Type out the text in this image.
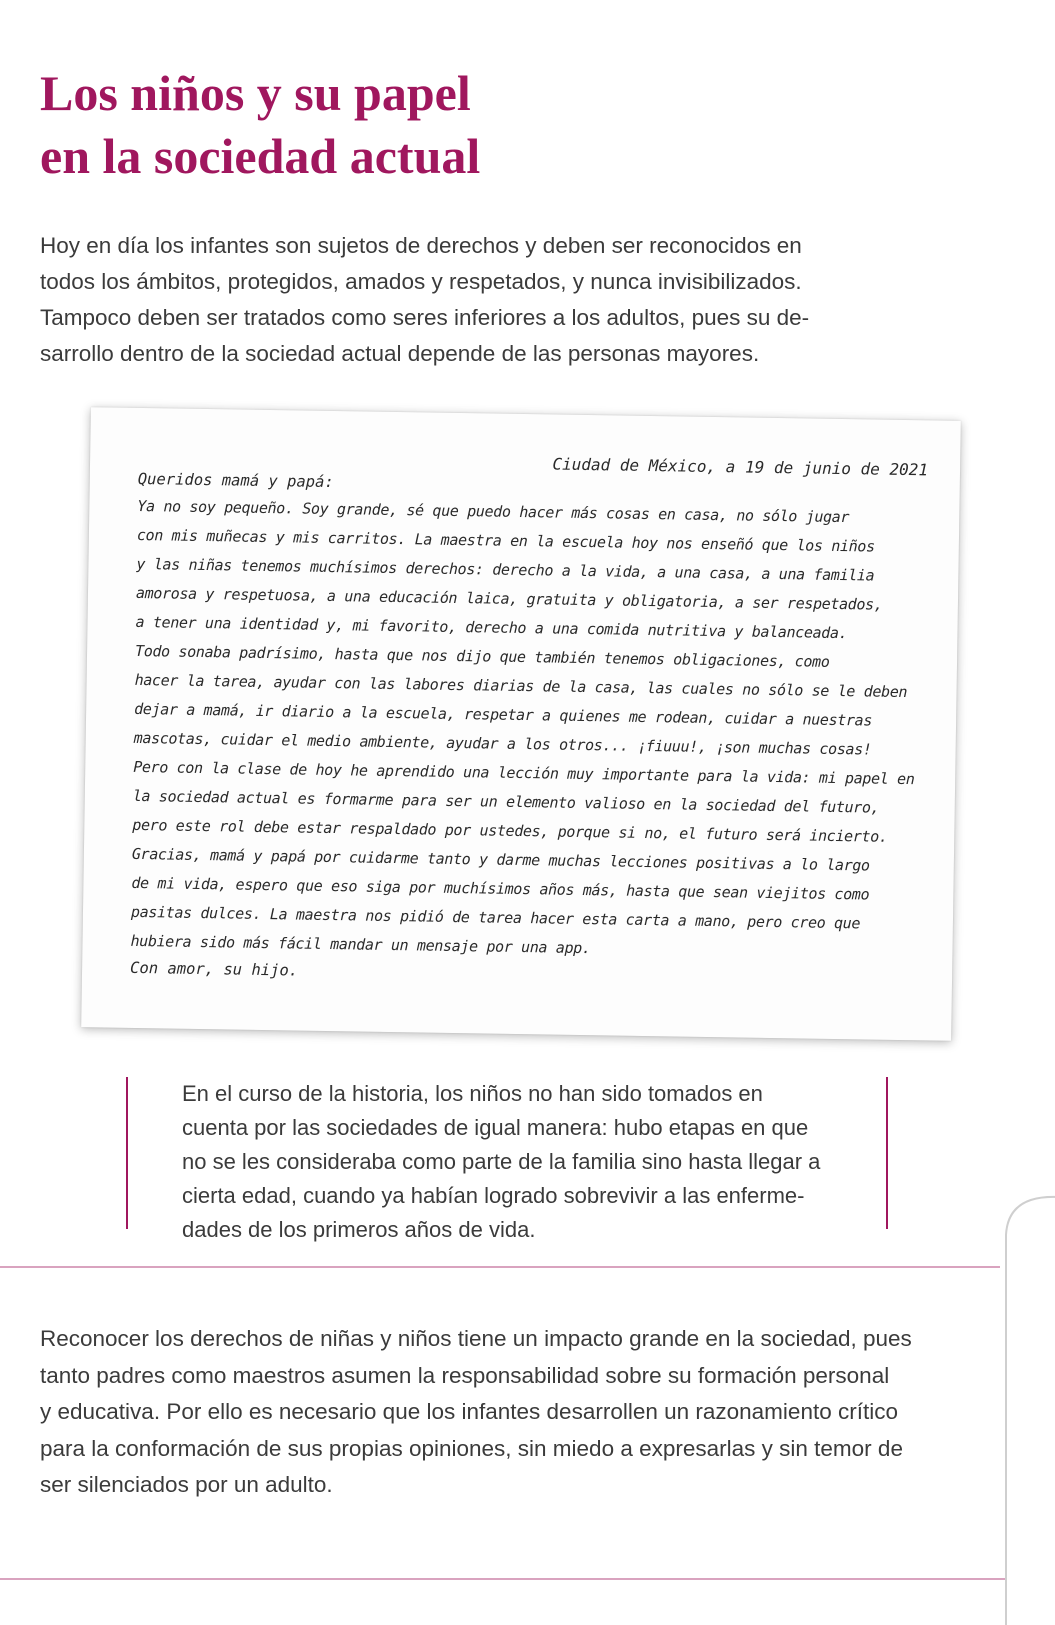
Los niños y su papel
en la sociedad actual

Hoy en día los infantes son sujetos de derechos y deben ser reconocidos en
todos los ámbitos, protegidos, amados y respetados, y nunca invisibilizados.
Tampoco deben ser tratados como seres inferiores a los adultos, pues su de-
sarrollo dentro de la sociedad actual depende de las personas mayores.

Ciudad de México, a 19 de junio de 2021
Queridos mamá y papá:
Ya no soy pequeño. Soy grande, sé que puedo hacer más cosas en casa, no sólo jugar
con mis muñecas y mis carritos. La maestra en la escuela hoy nos enseñó que los niños
y las niñas tenemos muchísimos derechos: derecho a la vida, a una casa, a una familia
amorosa y respetuosa, a una educación laica, gratuita y obligatoria, a ser respetados,
a tener una identidad y, mi favorito, derecho a una comida nutritiva y balanceada.
Todo sonaba padrísimo, hasta que nos dijo que también tenemos obligaciones, como
hacer la tarea, ayudar con las labores diarias de la casa, las cuales no sólo se le deben
dejar a mamá, ir diario a la escuela, respetar a quienes me rodean, cuidar a nuestras
mascotas, cuidar el medio ambiente, ayudar a los otros... ¡fiuuu!, ¡son muchas cosas!
Pero con la clase de hoy he aprendido una lección muy importante para la vida: mi papel en
la sociedad actual es formarme para ser un elemento valioso en la sociedad del futuro,
pero este rol debe estar respaldado por ustedes, porque si no, el futuro será incierto.
Gracias, mamá y papá por cuidarme tanto y darme muchas lecciones positivas a lo largo
de mi vida, espero que eso siga por muchísimos años más, hasta que sean viejitos como
pasitas dulces. La maestra nos pidió de tarea hacer esta carta a mano, pero creo que
hubiera sido más fácil mandar un mensaje por una app.
Con amor, su hijo.

En el curso de la historia, los niños no han sido tomados en
cuenta por las sociedades de igual manera: hubo etapas en que
no se les consideraba como parte de la familia sino hasta llegar a
cierta edad, cuando ya habían logrado sobrevivir a las enferme-
dades de los primeros años de vida.

Reconocer los derechos de niñas y niños tiene un impacto grande en la sociedad, pues
tanto padres como maestros asumen la responsabilidad sobre su formación personal
y educativa. Por ello es necesario que los infantes desarrollen un razonamiento crítico
para la conformación de sus propias opiniones, sin miedo a expresarlas y sin temor de
ser silenciados por un adulto.
